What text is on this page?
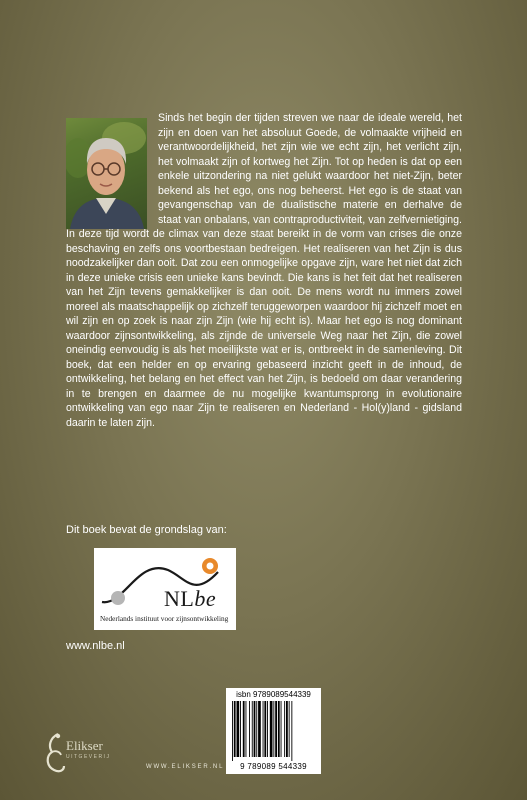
Sinds het begin der tijden streven we naar de ideale wereld, het zijn en doen van het absoluut Goede, de volmaakte vrijheid en verantwoordelijkheid, het zijn wie we echt zijn, het verlicht zijn, het volmaakt zijn of kortweg het Zijn. Tot op heden is dat op een enkele uitzondering na niet gelukt waardoor het niet-Zijn, beter bekend als het ego, ons nog beheerst. Het ego is de staat van gevangenschap van de dualistische materie en derhalve de staat van onbalans, van contraproductiviteit, van zelfvernietiging. In deze tijd wordt de climax van deze staat bereikt in de vorm van crises die onze beschaving en zelfs ons voortbestaan bedreigen. Het realiseren van het Zijn is dus noodzakelijker dan ooit. Dat zou een onmogelijke opgave zijn, ware het niet dat zich in deze unieke crisis een unieke kans bevindt. Die kans is het feit dat het realiseren van het Zijn tevens gemakkelijker is dan ooit. De mens wordt nu immers zowel moreel als maatschappelijk op zichzelf teruggeworpen waardoor hij zichzelf moet en wil zijn en op zoek is naar zijn Zijn (wie hij echt is). Maar het ego is nog dominant waardoor zijnsontwikkeling, als zijnde de universele Weg naar het Zijn, die zowel oneindig eenvoudig is als het moeilijkste wat er is, ontbreekt in de samenleving. Dit boek, dat een helder en op ervaring gebaseerd inzicht geeft in de inhoud, de ontwikkeling, het belang en het effect van het Zijn, is bedoeld om daar verandering in te brengen en daarmee de nu mogelijke kwantumsprong in evolutionaire ontwikkeling van ego naar Zijn te realiseren en Nederland - Hol(y)land - gidsland daarin te laten zijn.
Dit boek bevat de grondslag van:
NLbe
Nederlands instituut voor zijnsontwikkeling
www.nlbe.nl
isbn 9789089544339
9 789089 544339
Elikser
UITGEVERIJ
WWW.ELIKSER.NL
